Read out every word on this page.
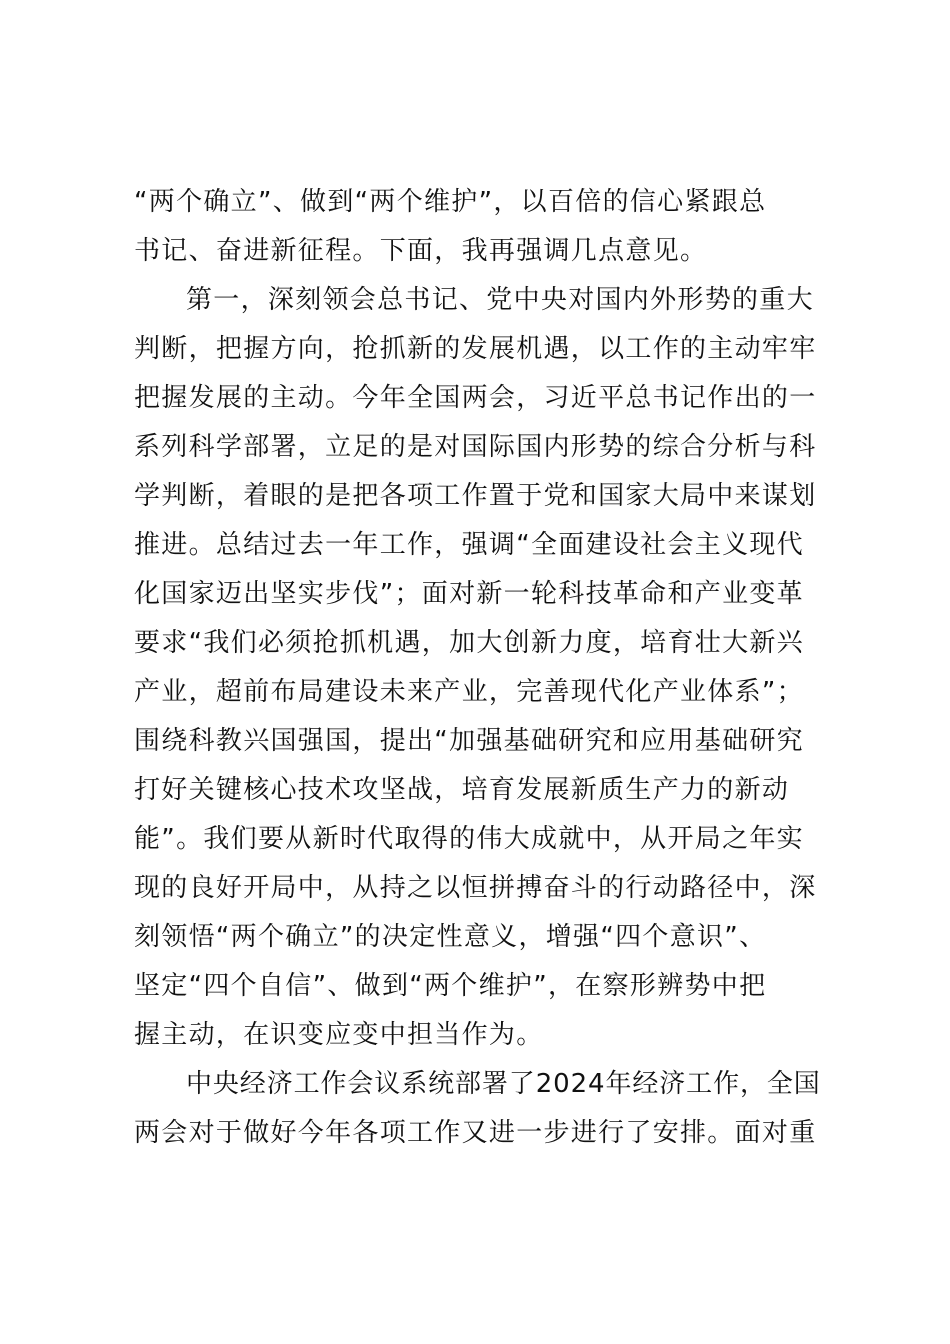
“两个确立”、做到“两个维护”，以百倍的信心紧跟总
书记、奋进新征程。下面，我再强调几点意见。
第一，深刻领会总书记、党中央对国内外形势的重大
判断，把握方向，抢抓新的发展机遇，以工作的主动牢牢
把握发展的主动。今年全国两会，习近平总书记作出的一
系列科学部署，立足的是对国际国内形势的综合分析与科
学判断，着眼的是把各项工作置于党和国家大局中来谋划
推进。总结过去一年工作，强调“全面建设社会主义现代
化国家迈出坚实步伐”；面对新一轮科技革命和产业变革
要求“我们必须抢抓机遇，加大创新力度，培育壮大新兴
产业，超前布局建设未来产业，完善现代化产业体系”；
围绕科教兴国强国，提出“加强基础研究和应用基础研究
打好关键核心技术攻坚战，培育发展新质生产力的新动
能”。我们要从新时代取得的伟大成就中，从开局之年实
现的良好开局中，从持之以恒拼搏奋斗的行动路径中，深
刻领悟“两个确立”的决定性意义，增强“四个意识”、
坚定“四个自信”、做到“两个维护”，在察形辨势中把
握主动，在识变应变中担当作为。
中央经济工作会议系统部署了2024年经济工作，全国
两会对于做好今年各项工作又进一步进行了安排。面对重
